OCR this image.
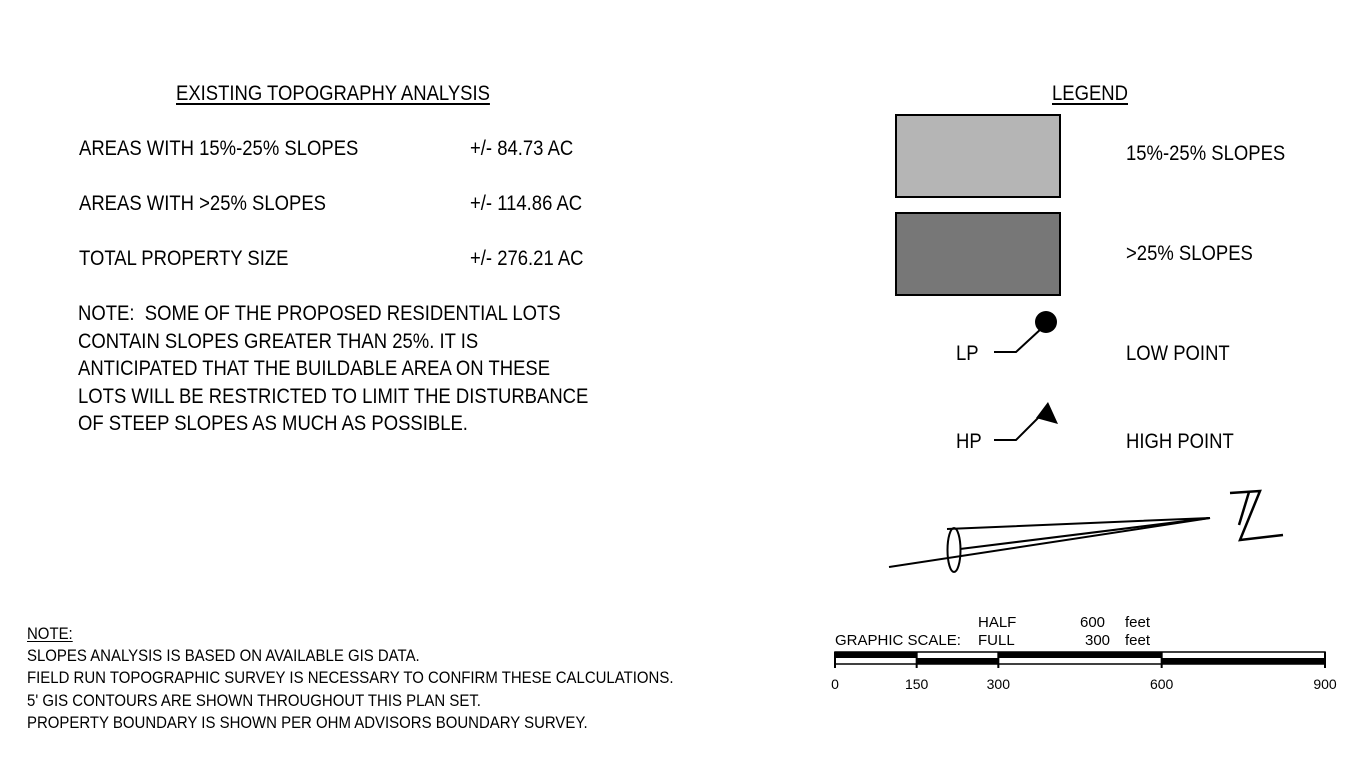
EXISTING TOPOGRAPHY ANALYSIS
AREAS WITH 15%-25% SLOPES	+/- 84.73 AC
AREAS WITH >25% SLOPES	+/- 114.86 AC
TOTAL PROPERTY SIZE	+/- 276.21 AC
NOTE:  SOME OF THE PROPOSED RESIDENTIAL LOTS
CONTAIN SLOPES GREATER THAN 25%. IT IS
ANTICIPATED THAT THE BUILDABLE AREA ON THESE
LOTS WILL BE RESTRICTED TO LIMIT THE DISTURBANCE
OF STEEP SLOPES AS MUCH AS POSSIBLE.
LEGEND
15%-25% SLOPES
>25% SLOPES
LP	LOW POINT
HP	HIGH POINT
HALF	600 feet
GRAPHIC SCALE: FULL	300 feet
0	150	300	600	900
NOTE:
SLOPES ANALYSIS IS BASED ON AVAILABLE GIS DATA.
FIELD RUN TOPOGRAPHIC SURVEY IS NECESSARY TO CONFIRM THESE CALCULATIONS.
5' GIS CONTOURS ARE SHOWN THROUGHOUT THIS PLAN SET.
PROPERTY BOUNDARY IS SHOWN PER OHM ADVISORS BOUNDARY SURVEY.
